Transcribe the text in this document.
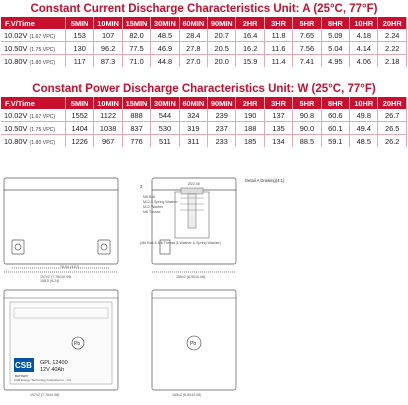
Constant Current Discharge Characteristics Unit: A (25°C, 77°F)
F.V/Time	5MIN	10MIN	15MIN	30MIN	60MIN	90MIN	2HR	3HR	5HR	8HR	10HR	20HR
10.02V (1.67 VPC)	153	107	82.0	48.5	28.4	20.7	16.4	11.8	7.65	5.09	4.18	2.24
10.50V (1.75 VPC)	130	96.2	77.5	46.9	27.8	20.5	16.2	11.6	7.56	5.04	4.14	2.22
10.80V (1.80 VPC)	117	87.3	71.0	44.8	27.0	20.0	15.9	11.4	7.41	4.95	4.06	2.18
Constant Power Discharge Characteristics Unit: W (25°C, 77°F)
F.V/Time	5MIN	10MIN	15MIN	30MIN	60MIN	90MIN	2HR	3HR	5HR	8HR	10HR	20HR
10.02V (1.67 VPC)	1552	1122	888	544	324	239	190	137	90.8	60.6	49.8	26.7
10.50V (1.75 VPC)	1404	1038	837	530	319	237	188	135	90.0	60.1	49.4	26.5
10.80V (1.80 VPC)	1226	967	776	511	311	233	185	134	88.5	59.1	48.5	26.2
Detail A Drawing(4:1)
2	Ø22.45
M6 Bolt
M12.5 Spring Washer
M12 Washer
M6 Thread
(M6 Bolt & M6 Thread & Washer & Spring Washer)
197±2 (7.760±0.08)
158.5 (6.24)
78.00 (3.07)
165±2 (6.50±0.08)
Pb
CSB
BATTERY
GPL 12400
12V 40Ah
CSB Energy Technology Industrial Co., Ltd.
Pb
197±2 (7.76±0.08)	165±2 (6.50±0.08)
